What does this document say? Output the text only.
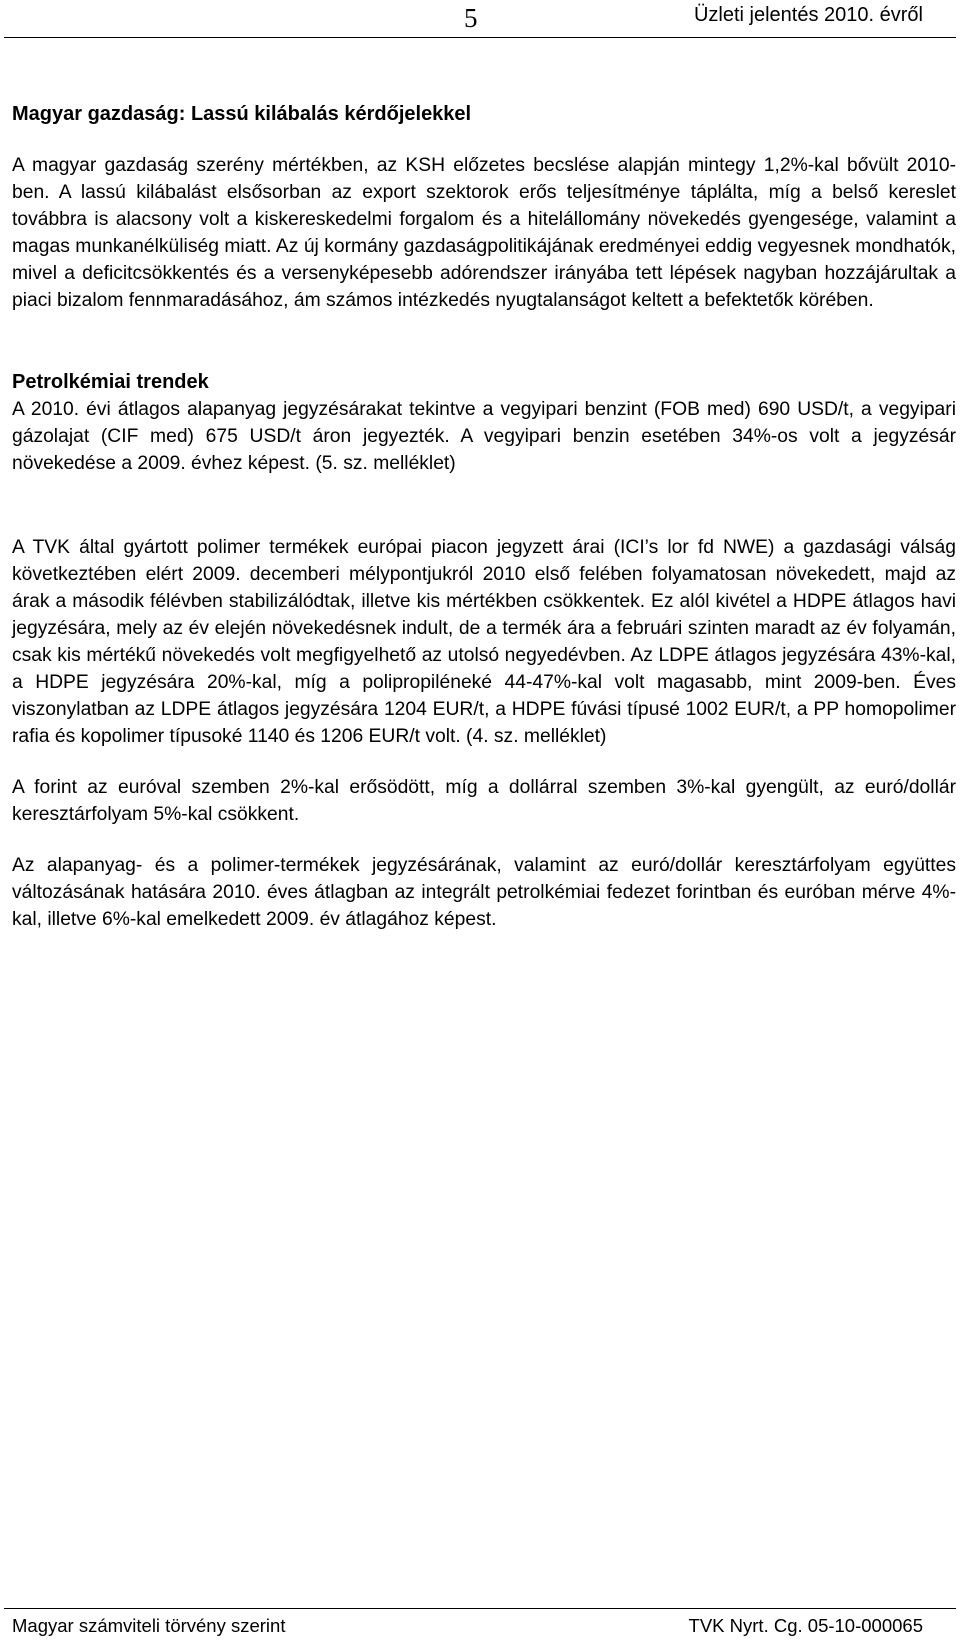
5	Üzleti jelentés 2010. évről
Magyar gazdaság: Lassú kilábalás kérdőjelekkel

A magyar gazdaság szerény mértékben, az KSH előzetes becslése alapján mintegy 1,2%-kal bővült 2010-ben. A lassú kilábalást elsősorban az export szektorok erős teljesítménye táplálta, míg a belső kereslet továbbra is alacsony volt a kiskereskedelmi forgalom és a hitelállomány növekedés gyengesége, valamint a magas munkanélküliség miatt. Az új kormány gazdaságpolitikájának eredményei eddig vegyesnek mondhatók, mivel a deficitcsökkentés és a versenyképesebb adórendszer irányába tett lépések nagyban hozzájárultak a piaci bizalom fennmaradásához, ám számos intézkedés nyugtalanságot keltett a befektetők körében.

Petrolkémiai trendek

A 2010. évi átlagos alapanyag jegyzésárakat tekintve a vegyipari benzint (FOB med) 690 USD/t, a vegyipari gázolajat (CIF med) 675 USD/t áron jegyezték. A vegyipari benzin esetében 34%-os volt a jegyzésár növekedése a 2009. évhez képest. (5. sz. melléklet)

A TVK által gyártott polimer termékek európai piacon jegyzett árai (ICI’s lor fd NWE) a gazdasági válság következtében elért 2009. decemberi mélypontjukról 2010 első felében folyamatosan növekedett, majd az árak a második félévben stabilizálódtak, illetve kis mértékben csökkentek. Ez alól kivétel a HDPE átlagos havi jegyzésára, mely az év elején növekedésnek indult, de a termék ára a februári szinten maradt az év folyamán, csak kis mértékű növekedés volt megfigyelhető az utolsó negyedévben. Az LDPE átlagos jegyzésára 43%-kal, a HDPE jegyzésára 20%-kal, míg a polipropiléneké 44-47%-kal volt magasabb, mint 2009-ben. Éves viszonylatban az LDPE átlagos jegyzésára 1204 EUR/t, a HDPE fúvási típusé 1002 EUR/t, a PP homopolimer rafia és kopolimer típusoké 1140 és 1206 EUR/t volt. (4. sz. melléklet)

A forint az euróval szemben 2%-kal erősödött, míg a dollárral szemben 3%-kal gyengült, az euró/dollár keresztárfolyam 5%-kal csökkent.

Az alapanyag- és a polimer-termékek jegyzésárának, valamint az euró/dollár keresztárfolyam együttes változásának hatására 2010. éves átlagban az integrált petrolkémiai fedezet forintban és euróban mérve 4%-kal, illetve 6%-kal emelkedett 2009. év átlagához képest.

Magyar számviteli törvény szerint	TVK Nyrt. Cg. 05-10-000065
